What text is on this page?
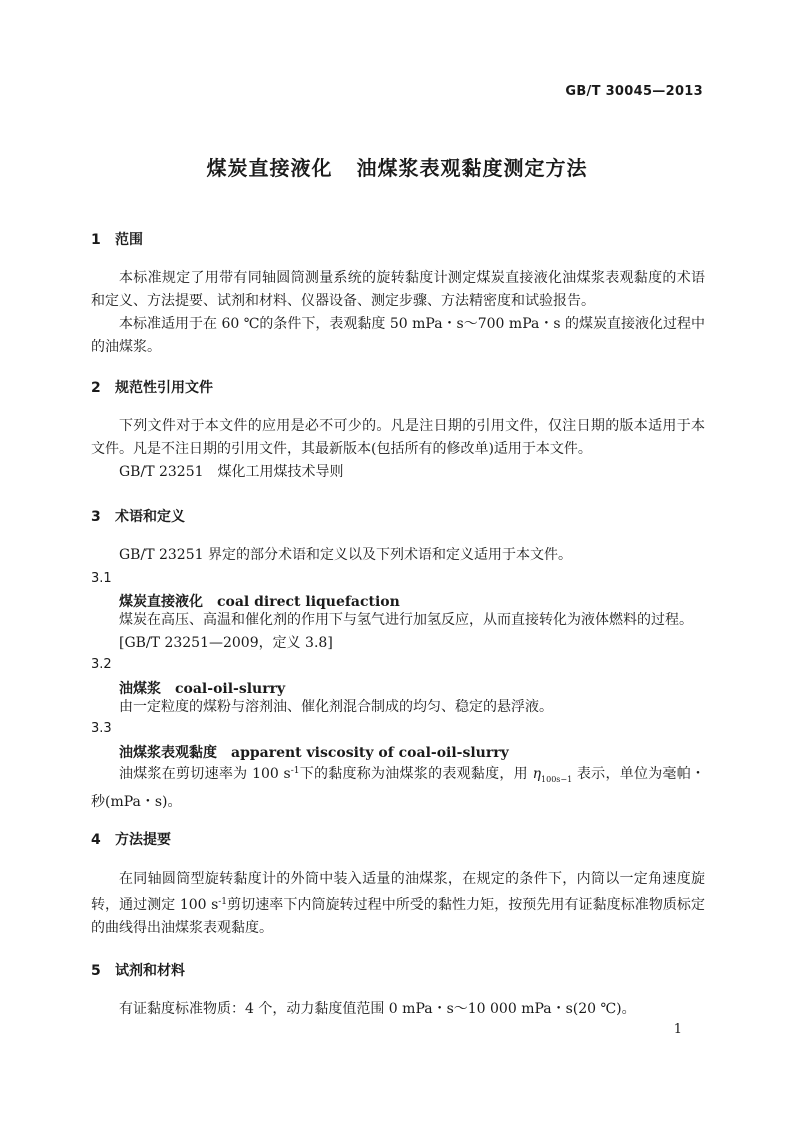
GB/T 30045—2013
煤炭直接液化 油煤浆表观黏度测定方法
1 范围

本标准规定了用带有同轴圆筒测量系统的旋转黏度计测定煤炭直接液化油煤浆表观黏度的术语和定义、方法提要、试剂和材料、仪器设备、测定步骤、方法精密度和试验报告。

本标准适用于在 60 ℃的条件下，表观黏度 50 mPa・s～700 mPa・s 的煤炭直接液化过程中的油煤浆。

2 规范性引用文件

下列文件对于本文件的应用是必不可少的。凡是注日期的引用文件，仅注日期的版本适用于本文件。凡是不注日期的引用文件，其最新版本(包括所有的修改单)适用于本文件。

GB/T 23251　煤化工用煤技术导则

3 术语和定义

GB/T 23251 界定的部分术语和定义以及下列术语和定义适用于本文件。

3.1
煤炭直接液化 coal direct liquefaction
煤炭在高压、高温和催化剂的作用下与氢气进行加氢反应，从而直接转化为液体燃料的过程。
[GB/T 23251—2009，定义 3.8]
3.2
油煤浆 coal-oil-slurry
由一定粒度的煤粉与溶剂油、催化剂混合制成的均匀、稳定的悬浮液。
3.3
油煤浆表观黏度 apparent viscosity of coal-oil-slurry

油煤浆在剪切速率为 100 $s^{-1}$下的黏度称为油煤浆的表观黏度，用 $\eta_{100s-1}$ 表示，单位为毫帕・秒(mPa・s)。

4 方法提要

在同轴圆筒型旋转黏度计的外筒中装入适量的油煤浆，在规定的条件下，内筒以一定角速度旋转，通过测定 100 $s^{-1}$剪切速率下内筒旋转过程中所受的黏性力矩，按预先用有证黏度标准物质标定的曲线得出油煤浆表观黏度。

5 试剂和材料

有证黏度标准物质：4 个，动力黏度值范围 0 mPa・s～10 000 mPa・s(20 ℃)。

1
